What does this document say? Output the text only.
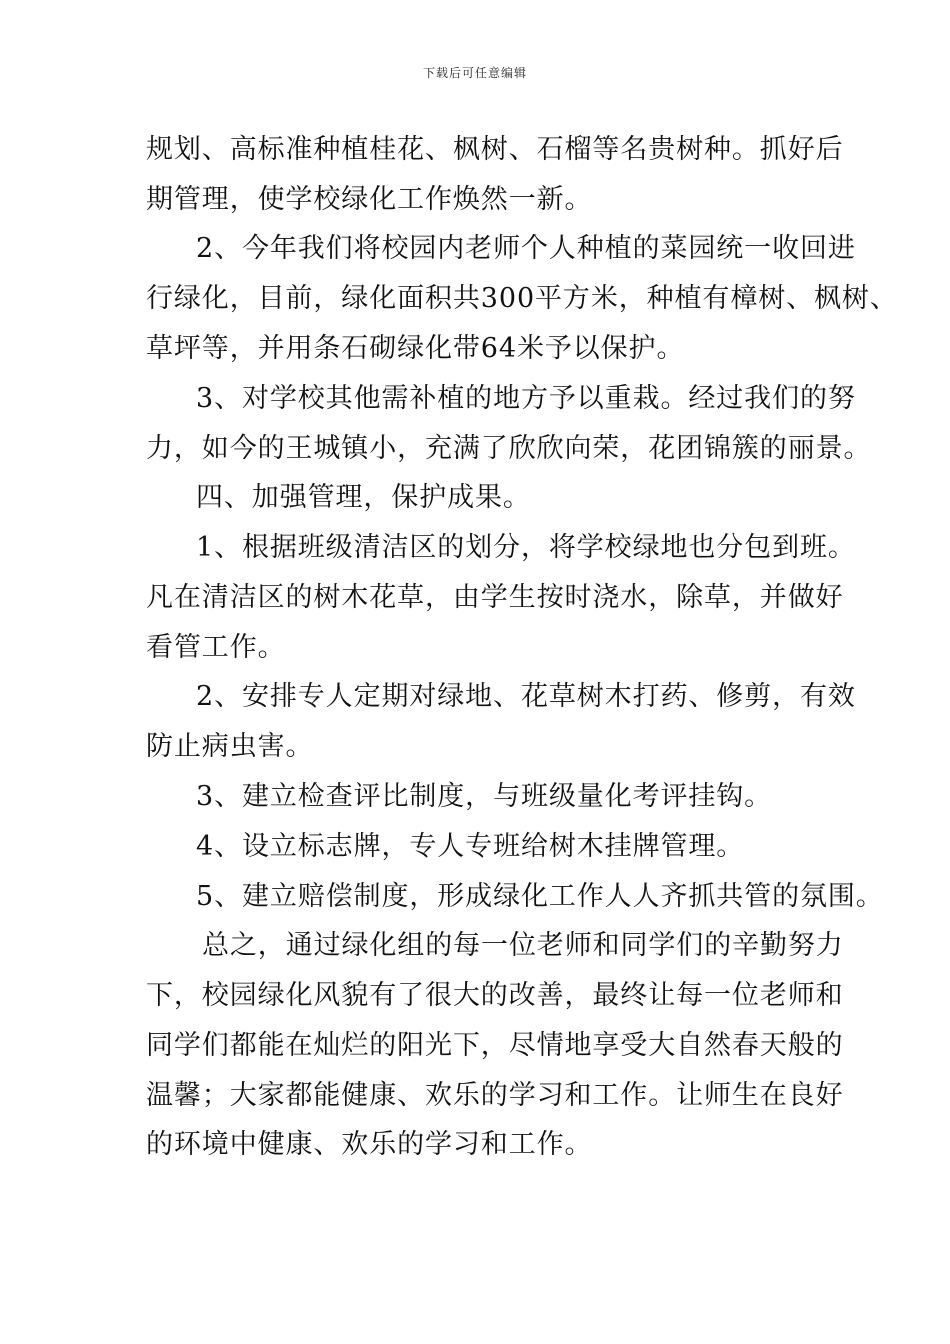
下载后可任意编辑
规划、高标准种植桂花、枫树、石榴等名贵树种。抓好后
期管理，使学校绿化工作焕然一新。
2、今年我们将校园内老师个人种植的菜园统一收回进
行绿化，目前，绿化面积共300平方米，种植有樟树、枫树、
草坪等，并用条石砌绿化带64米予以保护。
3、对学校其他需补植的地方予以重栽。经过我们的努
力，如今的王城镇小，充满了欣欣向荣，花团锦簇的丽景。
四、加强管理，保护成果。
1、根据班级清洁区的划分，将学校绿地也分包到班。
凡在清洁区的树木花草，由学生按时浇水，除草，并做好
看管工作。
2、安排专人定期对绿地、花草树木打药、修剪，有效
防止病虫害。
3、建立检查评比制度，与班级量化考评挂钩。
4、设立标志牌，专人专班给树木挂牌管理。
5、建立赔偿制度，形成绿化工作人人齐抓共管的氛围。
总之，通过绿化组的每一位老师和同学们的辛勤努力
下，校园绿化风貌有了很大的改善，最终让每一位老师和
同学们都能在灿烂的阳光下，尽情地享受大自然春天般的
温馨；大家都能健康、欢乐的学习和工作。让师生在良好
的环境中健康、欢乐的学习和工作。
